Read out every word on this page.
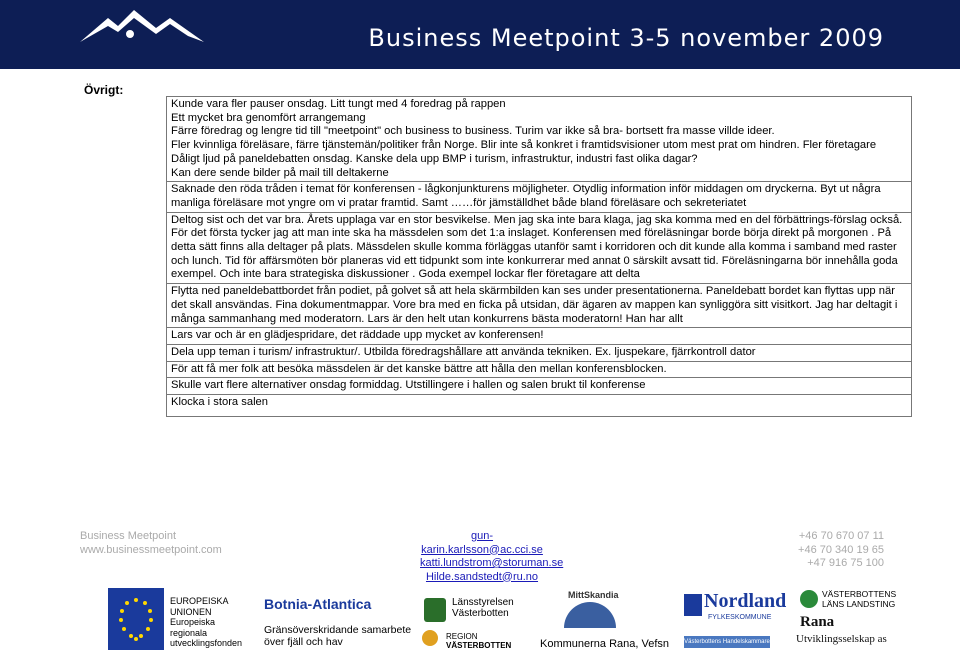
Business Meetpoint 3-5 november 2009
Övrigt:
Kunde vara fler pauser onsdag. Litt tungt med 4 foredrag på rappen
Ett mycket bra genomfört arrangemang
Färre föredrag og lengre tid till "meetpoint" och business to business. Turim var ikke så bra- bortsett fra masse villde ideer.
Fler kvinnliga föreläsare, färre tjänstemän/politiker från Norge. Blir inte så konkret i framtidsvisioner utom mest prat om hindren. Fler företagare
Dåligt ljud på paneldebatten onsdag. Kanske dela upp BMP i turism, infrastruktur, industri fast olika dagar?
Kan dere sende bilder på mail till deltakerne
Saknade den röda tråden i temat för konferensen - lågkonjunkturens möjligheter. Otydlig information inför middagen om dryckerna. Byt ut några manliga föreläsare mot yngre om vi pratar framtid. Samt ……för jämställdhet både bland föreläsare och sekreteriatet
Deltog sist och det var bra. Årets upplaga var en stor besvikelse. Men jag ska inte bara klaga, jag ska komma med en del förbättrings-förslag också. För det första tycker jag att man inte ska ha mässdelen som det 1:a inslaget. Konferensen med föreläsningar borde börja direkt på morgonen . På detta sätt finns alla deltager på plats. Mässdelen skulle komma förläggas utanför samt i korridoren och dit kunde alla komma i samband med raster och lunch. Tid för affärsmöten bör planeras vid ett tidpunkt som inte konkurrerar med annat 0 särskilt avsatt tid. Föreläsningarna bör innehålla goda exempel. Och inte bara strategiska diskussioner . Goda exempel lockar fler företagare att delta
Flytta ned paneldebattbordet från podiet, på golvet så att hela skärmbilden kan ses under presentationerna. Paneldebatt bordet kan flyttas upp när det skall ansvändas. Fina dokumentmappar. Vore bra med en ficka på utsidan, där ägaren av mappen kan synliggöra sitt visitkort. Jag har deltagit i många sammanhang med moderatorn. Lars är den helt utan konkurrens bästa moderatorn! Han har allt
Lars var och är en glädjespridare, det räddade upp mycket av konferensen!
Dela upp teman i turism/ infrastruktur/. Utbilda föredragshållare att använda tekniken. Ex. ljuspekare, fjärrkontroll dator
För att få mer folk att besöka mässdelen är det kanske bättre att hålla den mellan konferensblocken.
Skulle vart flere alternativer onsdag formiddag. Utstillingere i hallen og salen brukt til konferense
Klocka i stora salen
Business Meetpoint
www.businessmeetpoint.com
gun-karin.karlsson@ac.cci.se
katti.lundstrom@storuman.se
Hilde.sandstedt@ru.no
+46 70 670 07 11
+46 70 340 19 65
+47 916 75 100
EUROPEISKA
UNIONEN
Europeiska
regionala
utvecklingsfonden
Botnia-Atlantica
Gränsöverskridande samarbete
över fjäll och hav
Länsstyrelsen
Västerbotten
REGION
VÄSTERBOTTEN
MittSkandia
Kommunerna Rana, Vefsn
Nordland
FYLKESKOMMUNE
Västerbottens Handelskammare
VÄSTERBOTTENS
LÄNS LANDSTING
Rana
Utviklingsselskap as
